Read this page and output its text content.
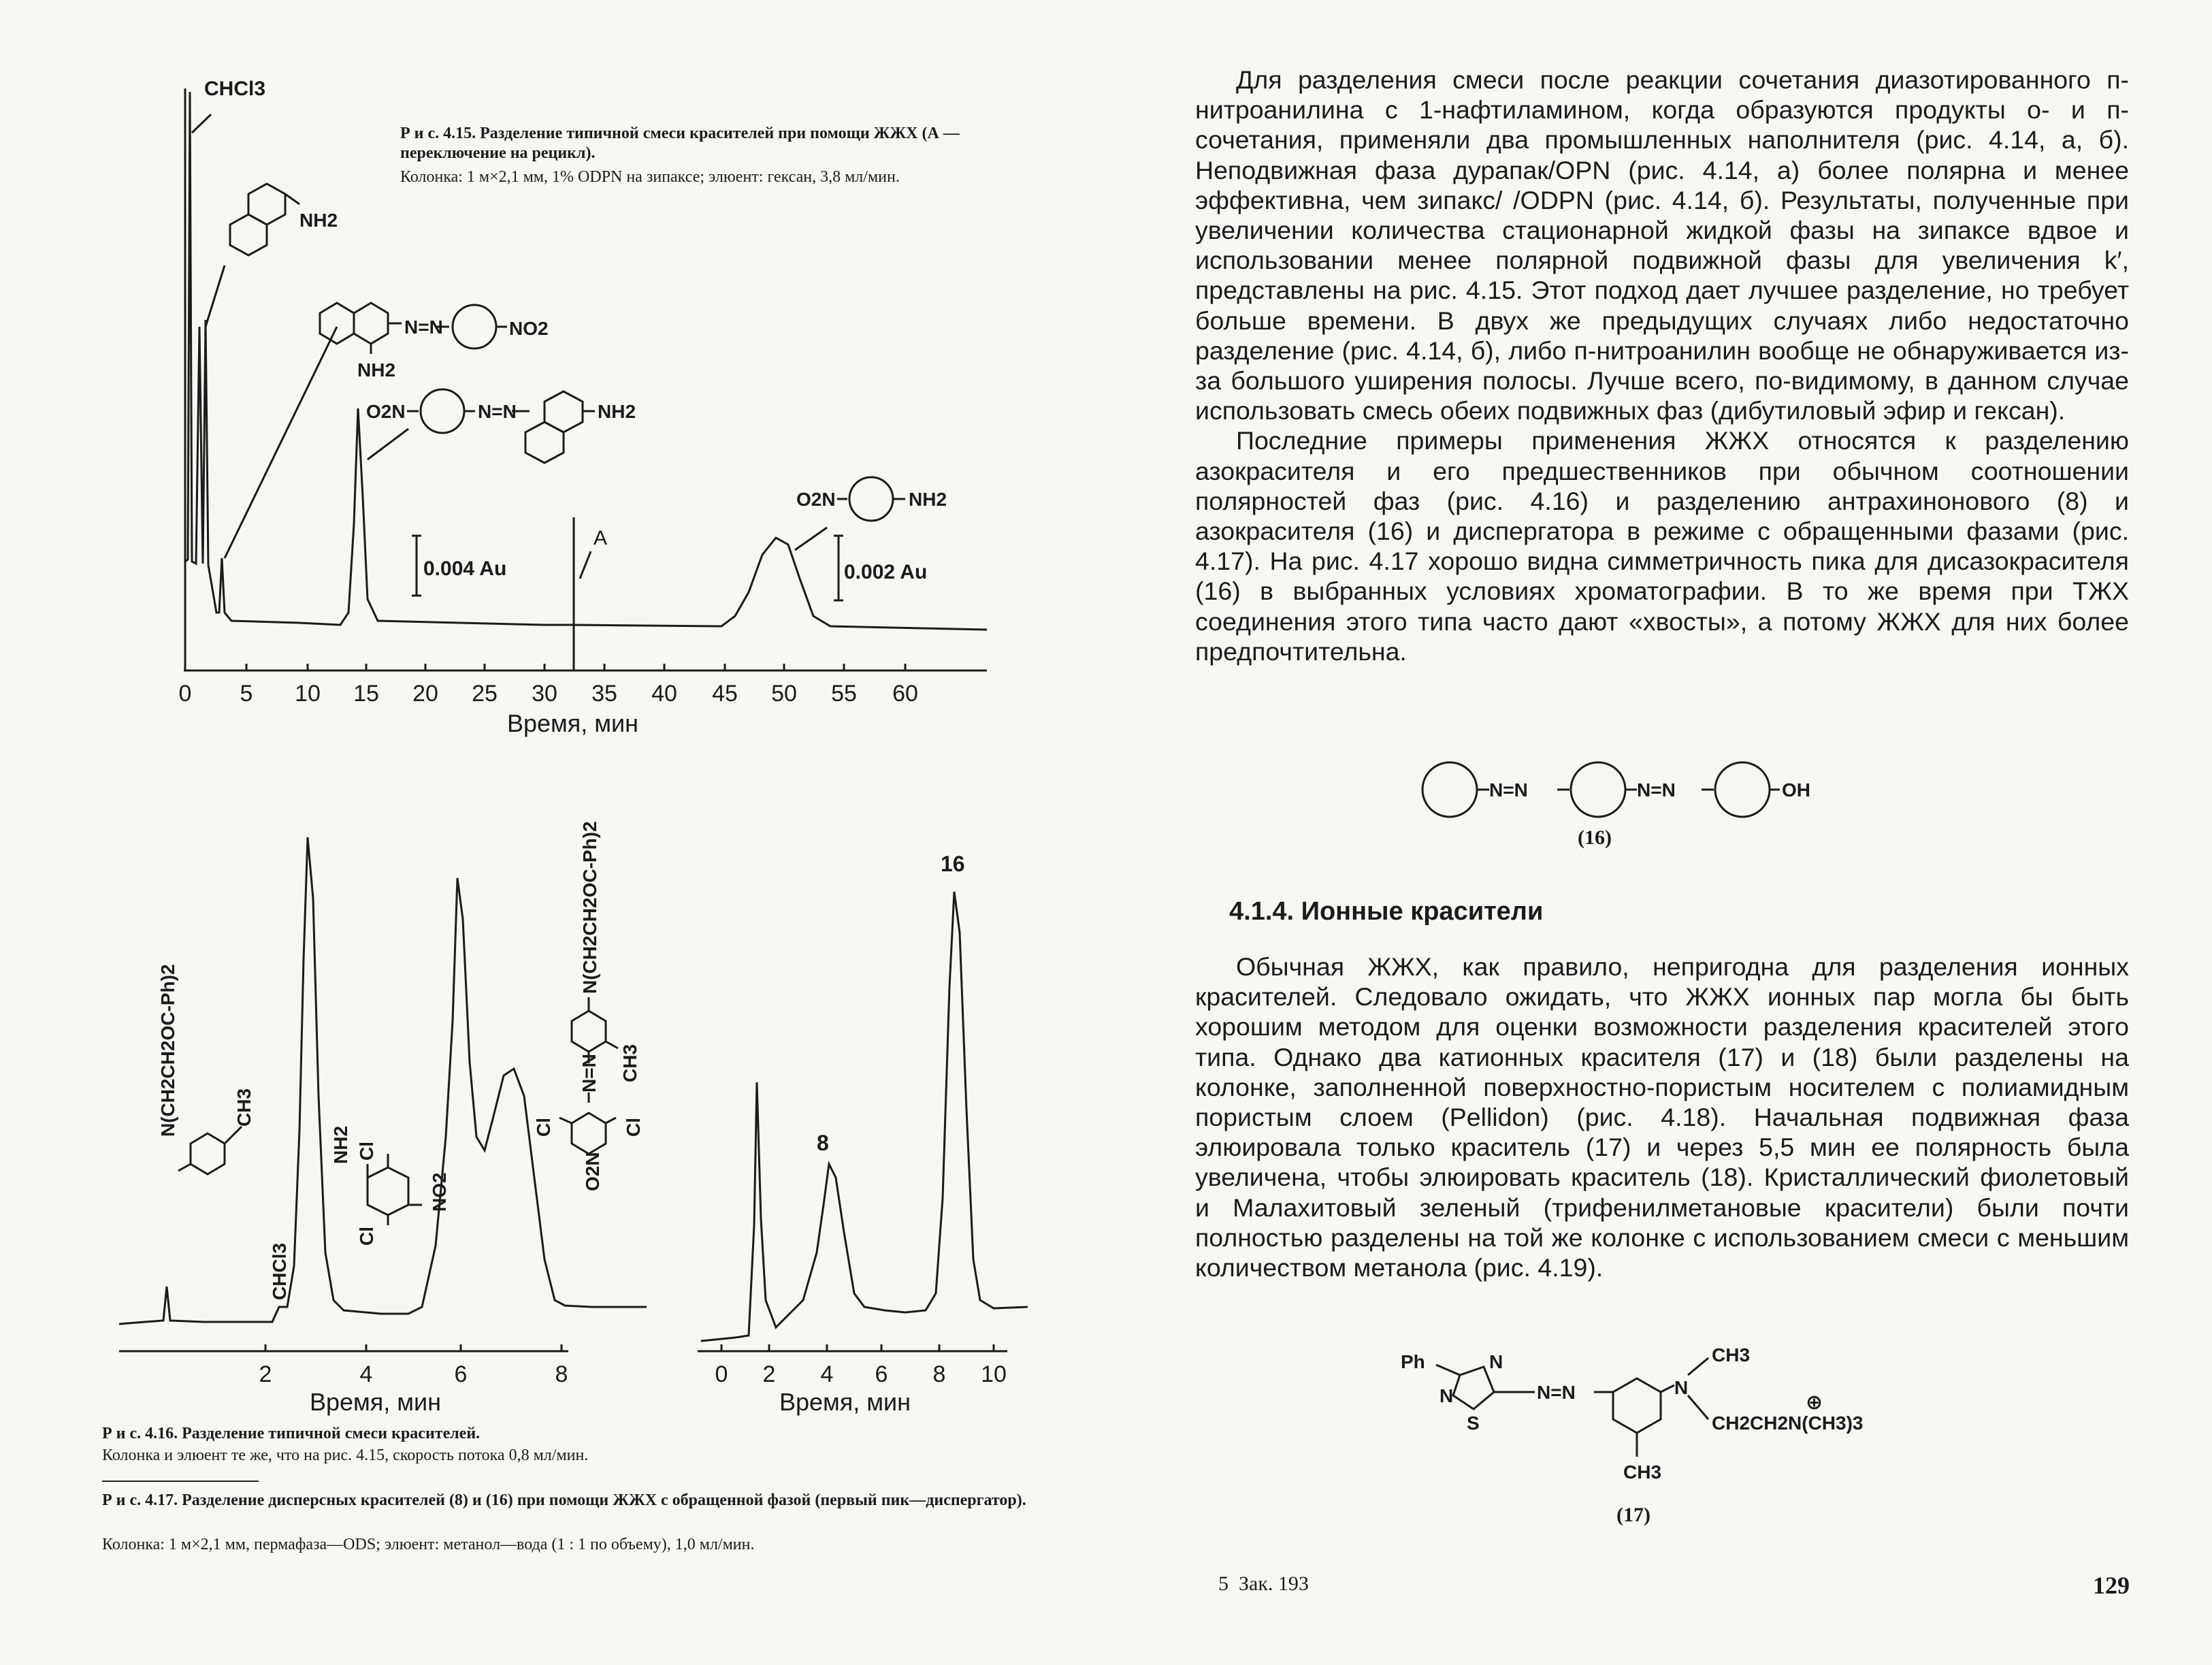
CHCl3
NH2
N=N	NO2
NH2
O2N	N=N	NH2
O2N	NH2
A
0.004 Au	0.002 Au
0 5 10 15 20 25 30 35 40 45 50 55 60
Время, мин
Р и с. 4.15. Разделение типичной смеси красителей при помощи ЖЖХ (А — переключение на рецикл).
Колонка: 1 м×2,1 мм, 1% ODPN на зипаксе; элюент: гексан, 3,8 мл/мин.
N(CH2CH2OC-Ph)2	CH3
NH2 Cl
Cl
NO2
N=N
N(CH2CH2OC-Ph)2
CH3
Cl	Cl
O2N
CHCl3
2	4	6	8	0 2 4 6 8 10
Время, мин	Время, мин
8
16
Р и с. 4.16. Разделение типичной смеси красителей.
Колонка и элюент те же, что на рис. 4.15, скорость потока 0,8 мл/мин.
Р и с. 4.17. Разделение дисперсных красителей (8) и (16) при помощи ЖЖХ с обращенной фазой (первый пик—диспергатор).
Колонка: 1 м×2,1 мм, пермафаза—ODS; элюент: метанол—вода (1 : 1 по объему), 1,0 мл/мин.

Для разделения смеси после реакции сочетания диазотированного п-нитроанилина с 1-нафтиламином, когда образуются продукты о- и п-сочетания, применяли два промышленных наполнителя (рис. 4.14, а, б). Неподвижная фаза дурапак/OPN (рис. 4.14, а) более полярна и менее эффективна, чем зипакс/ /ODPN (рис. 4.14, б). Результаты, полученные при увеличении количества стационарной жидкой фазы на зипаксе вдвое и использовании менее полярной подвижной фазы для увеличения k′, представлены на рис. 4.15. Этот подход дает лучшее разделение, но требует больше времени. В двух же предыдущих случаях либо недостаточно разделение (рис. 4.14, б), либо п-нитроанилин вообще не обнаруживается из-за большого уширения полосы. Лучше всего, по-видимому, в данном случае использовать смесь обеих подвижных фаз (дибутиловый эфир и гексан).

Последние примеры применения ЖЖХ относятся к разделению азокрасителя и его предшественников при обычном соотношении полярностей фаз (рис. 4.16) и разделению антрахинонового (8) и азокрасителя (16) и диспергатора в режиме с обращенными фазами (рис. 4.17). На рис. 4.17 хорошо видна симметричность пика для дисазокрасителя (16) в выбранных условиях хроматографии. В то же время при ТЖХ соединения этого типа часто дают «хвосты», а потому ЖЖХ для них более предпочтительна.

N=N	N=N	OH
(16)
4.1.4. Ионные красители

Обычная ЖЖХ, как правило, непригодна для разделения ионных красителей. Следовало ожидать, что ЖЖХ ионных пар могла бы быть хорошим методом для оценки возможности разделения красителей этого типа. Однако два катионных красителя (17) и (18) были разделены на колонке, заполненной поверхностно-пористым носителем с полиамидным пористым слоем (Pellidon) (рис. 4.18). Начальная подвижная фаза элюировала только краситель (17) и через 5,5 мин ее полярность была увеличена, чтобы элюировать краситель (18). Кристаллический фиолетовый и Малахитовый зеленый (трифенилметановые красители) были почти полностью разделены на той же колонке с использованием смеси с меньшим количеством метанола (рис. 4.19).

Ph	N
N
S
N=N	N
CH3
⊕
CH2CH2N(CH3)3
CH3
(17)
5  Зак. 193	129
